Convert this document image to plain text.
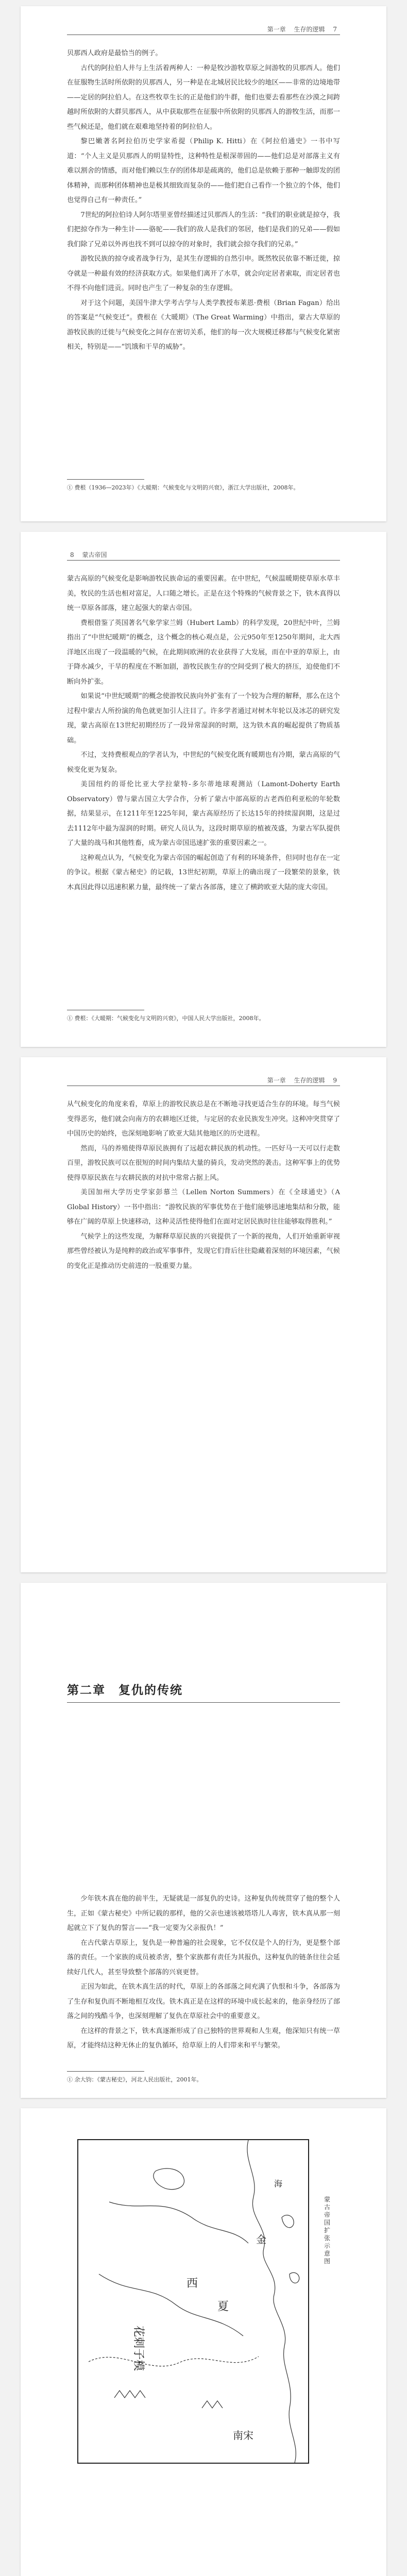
第一章 生存的逻辑 7

贝那西人政府是最恰当的例子。

古代的阿拉伯人井与上生活着两种人：一种是牧沙游牧草原之间游牧的贝那西人。他们在征服物生活时所依附的贝那西人，另一种是在北城居民比较少的地区——非常的边境地带——定居的阿拉伯人。在这些牧草生长的正是他们的牛群，他们也要去看那些在沙漠之间跨越时所依附的大群贝那西人，从中获取那些在征服中所依附的贝那西人的游牧生活，而那一些气候还是，他们就在艰难地坚持着的阿拉伯人。

黎巴嫩著名阿拉伯历史学家希提（Philip K. Hitti）在《阿拉伯通史》一书中写道：“个人主义是贝那西人的明显特性，这种特性是根深蒂固的——他们总是对部落主义有难以割舍的情感，而对他们赖以生存的团体却是疏离的，他们总是依赖于那种一触即发的团体精神，而那种团体精神也是极其细致而复杂的——他们把自己看作一个独立的个体，他们也觉得自己有一种责任。”

7世纪的阿拉伯诗人阿尔塔里亚曾经描述过贝那西人的生活：“我们的职业就是掠夺，我们把掠夺作为一种生计——骆驼——我们的敌人是我们的邻居，他们是我们的兄弟——假如我们除了兄弟以外再也找不到可以掠夺的对象时，我们就会掠夺我们的兄弟。”

游牧民族的掠夺或者战争行为，是其生存逻辑的自然引申。既然牧民依靠不断迁徙，掠夺就是一种最有效的经济获取方式。如果他们离开了水草，就会向定居者索取，而定居者也不得不向他们进贡。同时也产生了一种复杂的生存逻辑。

对于这个问题，美国牛津大学考古学与人类学教授布莱恩·费根（Brian Fagan）给出的答案是“气候变迁”。费根在《大暖期》（The Great Warming）中指出，蒙古大草原的游牧民族的迁徙与气候变化之间存在密切关系，他们的每一次大规模迁移都与气候变化紧密相关，特别是——“饥饿和干旱的威胁”。

① 费根（1936—2023年）《大暖期：气候变化与文明的兴衰》，浙江大学出版社，2008年。
8 蒙古帝国

蒙古高原的气候变化是影响游牧民族命运的重要因素。在中世纪，气候温暖期使草原水草丰美，牧民的生活也相对富足，人口随之增长。正是在这个特殊的气候背景之下，铁木真得以统一草原各部落，建立起强大的蒙古帝国。

费根借鉴了英国著名气象学家兰姆（Hubert Lamb）的科学发现，20世纪中叶，兰姆指出了“中世纪暖期”的概念，这个概念的核心观点是，公元950年至1250年期间，北大西洋地区出现了一段温暖的气候，在此期间欧洲的农业获得了大发展，而在中亚的草原上，由于降水减少，干旱的程度在不断加剧，游牧民族生存的空间受到了极大的挤压，迫使他们不断向外扩张。

如果说“中世纪暖期”的概念使游牧民族向外扩张有了一个较为合理的解释，那么在这个过程中蒙古人所扮演的角色就更加引人注目了。许多学者通过对树木年轮以及冰芯的研究发现，蒙古高原在13世纪初期经历了一段异常湿润的时期，这为铁木真的崛起提供了物质基础。

不过，支持费根观点的学者认为，中世纪的气候变化既有暖期也有冷期，蒙古高原的气候变化更为复杂。

美国纽约的哥伦比亚大学拉蒙特-多尔蒂地球观测站（Lamont-Doherty Earth Observatory）曾与蒙古国立大学合作，分析了蒙古中部高原的古老西伯利亚松的年轮数据，结果显示，在1211年至1225年间，蒙古高原经历了长达15年的持续湿润期，这是过去1112年中最为湿润的时期。研究人员认为，这段时期草原的植被茂盛，为蒙古军队提供了大量的战马和其他牲畜，成为蒙古帝国迅速扩张的重要因素之一。

这种观点认为，气候变化为蒙古帝国的崛起创造了有利的环境条件，但同时也存在一定的争议。根据《蒙古秘史》的记载，13世纪初期，草原上的确出现了一段繁荣的景象，铁木真因此得以迅速积累力量，最终统一了蒙古各部落，建立了横跨欧亚大陆的庞大帝国。

① 费根：《大暖期：气候变化与文明的兴衰》，中国人民大学出版社，2008年。
第一章 生存的逻辑 9

从气候变化的角度来看，草原上的游牧民族总是在不断地寻找更适合生存的环境。每当气候变得恶劣，他们就会向南方的农耕地区迁徙，与定居的农业民族发生冲突。这种冲突贯穿了中国历史的始终，也深刻地影响了欧亚大陆其他地区的历史进程。

然而，马的养殖使得草原民族拥有了远超农耕民族的机动性。一匹好马一天可以行走数百里，游牧民族可以在很短的时间内集结大量的骑兵，发动突然的袭击。这种军事上的优势使得草原民族在与农耕民族的对抗中常常占据上风。

美国加州大学历史学家彭慕兰（Lellen Norton Summers）在《全球通史》（A Global History）一书中指出：“游牧民族的军事优势在于他们能够迅速地集结和分散，能够在广阔的草原上快速移动，这种灵活性使得他们在面对定居民族时往往能够取得胜利。”

气候学上的这些发现，为解释草原民族的兴衰提供了一个新的视角，人们开始重新审视那些曾经被认为是纯粹的政治或军事事件，发现它们背后往往隐藏着深刻的环境因素，气候的变化正是推动历史前进的一股重要力量。

第二章　复仇的传统

少年铁木真在他的前半生，无疑就是一部复仇的史诗。这种复仇传统贯穿了他的整个人生，正如《蒙古秘史》中所记载的那样，他的父亲也速该被塔塔儿人毒害，铁木真从那一刻起就立下了复仇的誓言——“我一定要为父亲报仇！”

在古代蒙古草原上，复仇是一种普遍的社会现象，它不仅仅是个人的行为，更是整个部落的责任。一个家族的成员被杀害，整个家族都有责任为其报仇，这种复仇的链条往往会延续好几代人，甚至导致整个部落的兴衰更替。

正因为如此，在铁木真生活的时代，草原上的各部落之间充满了仇恨和斗争，各部落为了生存和复仇而不断地相互攻伐。铁木真正是在这样的环境中成长起来的，他亲身经历了部落之间的残酷斗争，也深刻理解了复仇在草原社会中的重要意义。

在这样的背景之下，铁木真逐渐形成了自己独特的世界观和人生观，他深知只有统一草原，才能终结这种无休止的复仇循环，给草原上的人们带来和平与繁荣。

① 余大钧：《蒙古秘史》，河北人民出版社，2001年。
西
夏
金
海
花剌子模
南宋
蒙古帝国扩张示意图
